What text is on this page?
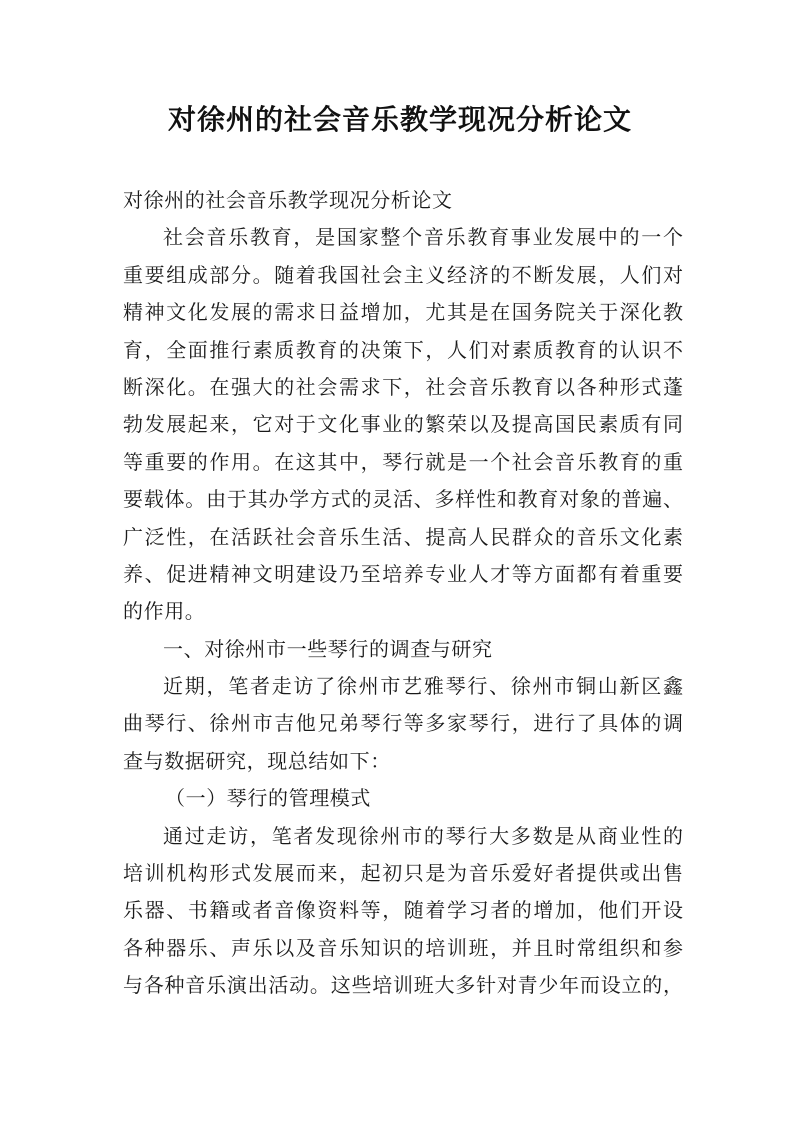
对徐州的社会音乐教学现况分析论文
对徐州的社会音乐教学现况分析论文
社会音乐教育，是国家整个音乐教育事业发展中的一个
重要组成部分。随着我国社会主义经济的不断发展，人们对
精神文化发展的需求日益增加，尤其是在国务院关于深化教
育，全面推行素质教育的决策下，人们对素质教育的认识不
断深化。在强大的社会需求下，社会音乐教育以各种形式蓬
勃发展起来，它对于文化事业的繁荣以及提高国民素质有同
等重要的作用。在这其中，琴行就是一个社会音乐教育的重
要载体。由于其办学方式的灵活、多样性和教育对象的普遍、
广泛性，在活跃社会音乐生活、提高人民群众的音乐文化素
养、促进精神文明建设乃至培养专业人才等方面都有着重要
的作用。
一、对徐州市一些琴行的调查与研究
近期，笔者走访了徐州市艺雅琴行、徐州市铜山新区鑫
曲琴行、徐州市吉他兄弟琴行等多家琴行，进行了具体的调
查与数据研究，现总结如下：
（一）琴行的管理模式
通过走访，笔者发现徐州市的琴行大多数是从商业性的
培训机构形式发展而来，起初只是为音乐爱好者提供或出售
乐器、书籍或者音像资料等，随着学习者的增加，他们开设
各种器乐、声乐以及音乐知识的培训班，并且时常组织和参
与各种音乐演出活动。这些培训班大多针对青少年而设立的，
